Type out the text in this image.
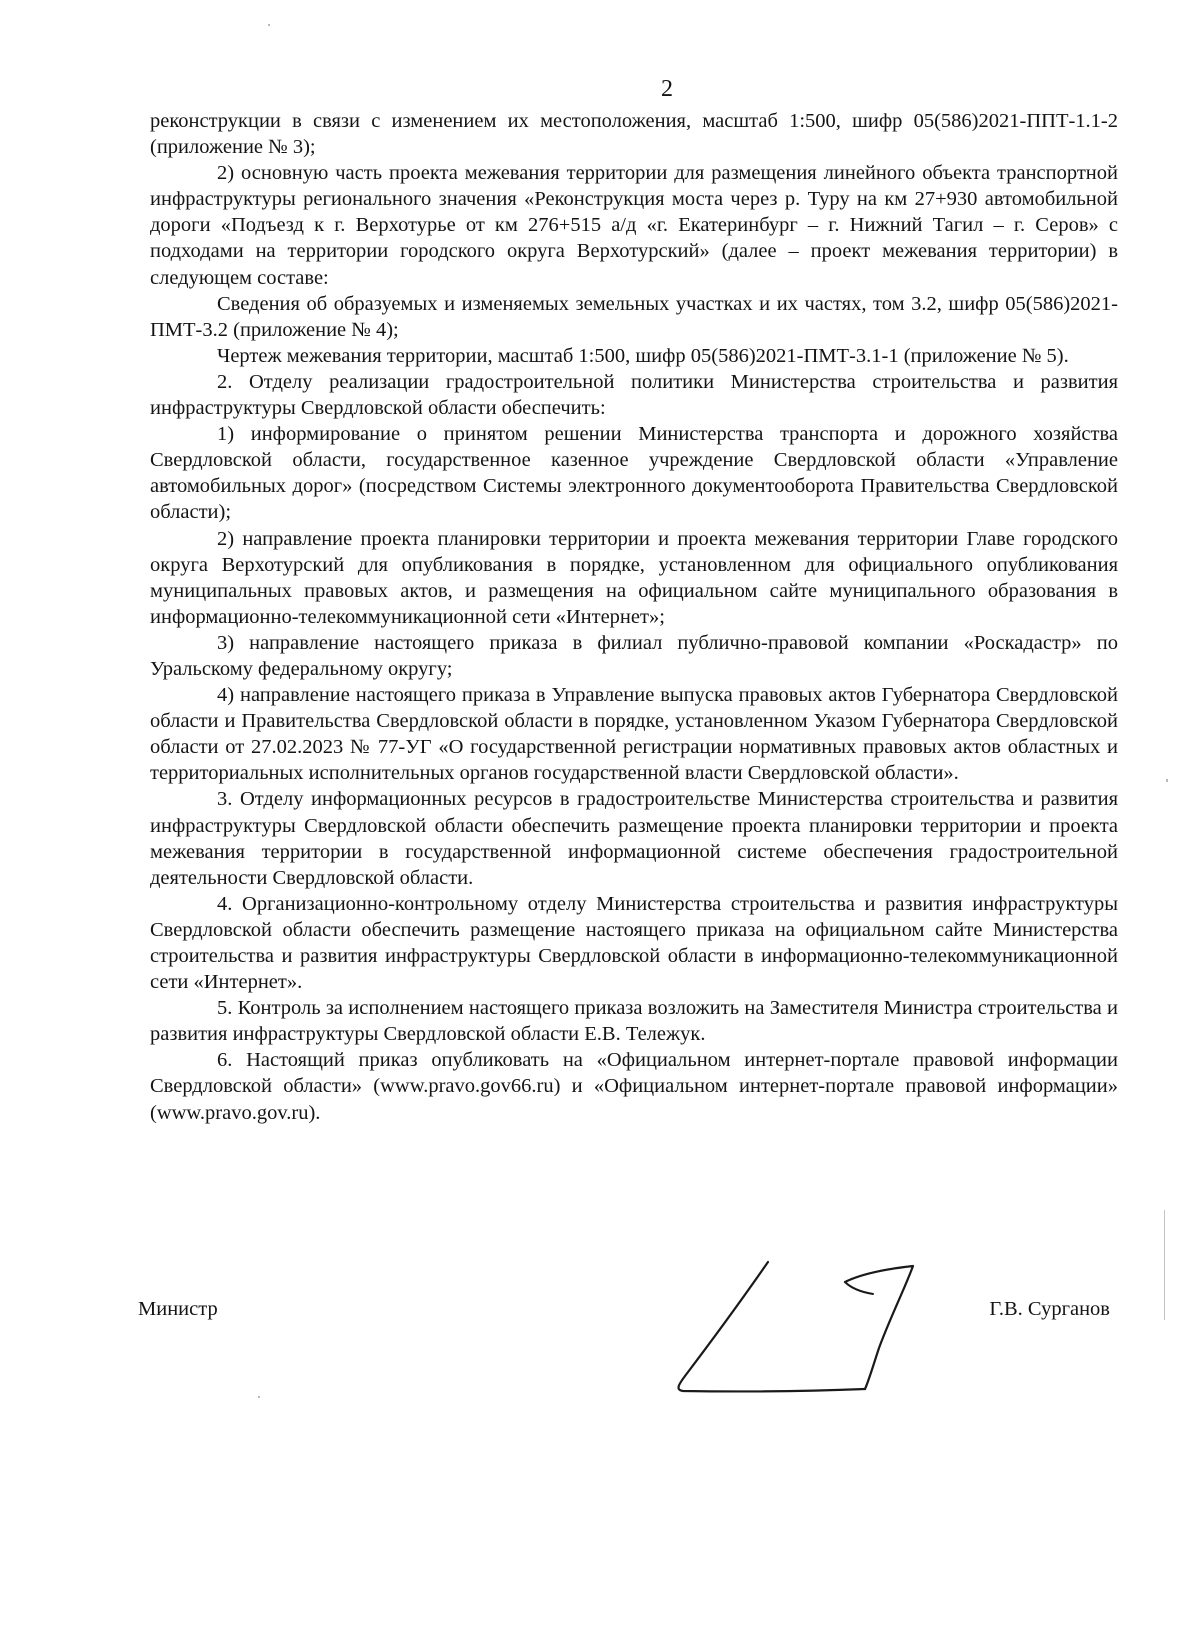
2

реконструкции в связи с изменением их местоположения, масштаб 1:500, шифр 05(586)2021-ППТ-1.1-2 (приложение № 3);

2) основную часть проекта межевания территории для размещения линейного объекта транспортной инфраструктуры регионального значения «Реконструкция моста через р. Туру на км 27+930 автомобильной дороги «Подъезд к г. Верхотурье от км 276+515 а/д «г. Екатеринбург – г. Нижний Тагил – г. Серов» с подходами на территории городского округа Верхотурский» (далее – проект межевания территории) в следующем составе:

Сведения об образуемых и изменяемых земельных участках и их частях, том 3.2, шифр 05(586)2021-ПМТ-3.2 (приложение № 4);

Чертеж межевания территории, масштаб 1:500, шифр 05(586)2021-ПМТ-3.1-1 (приложение № 5).

2. Отделу реализации градостроительной политики Министерства строительства и развития инфраструктуры Свердловской области обеспечить:

1) информирование о принятом решении Министерства транспорта и дорожного хозяйства Свердловской области, государственное казенное учреждение Свердловской области «Управление автомобильных дорог» (посредством Системы электронного документооборота Правительства Свердловской области);

2) направление проекта планировки территории и проекта межевания территории Главе городского округа Верхотурский для опубликования в порядке, установленном для официального опубликования муниципальных правовых актов, и размещения на официальном сайте муниципального образования в информационно-телекоммуникационной сети «Интернет»;

3) направление настоящего приказа в филиал публично-правовой компании «Роскадастр» по Уральскому федеральному округу;

4) направление настоящего приказа в Управление выпуска правовых актов Губернатора Свердловской области и Правительства Свердловской области в порядке, установленном Указом Губернатора Свердловской области от 27.02.2023 № 77-УГ «О государственной регистрации нормативных правовых актов областных и территориальных исполнительных органов государственной власти Свердловской области».

3. Отделу информационных ресурсов в градостроительстве Министерства строительства и развития инфраструктуры Свердловской области обеспечить размещение проекта планировки территории и проекта межевания территории в государственной информационной системе обеспечения градостроительной деятельности Свердловской области.

4. Организационно-контрольному отделу Министерства строительства и развития инфраструктуры Свердловской области обеспечить размещение настоящего приказа на официальном сайте Министерства строительства и развития инфраструктуры Свердловской области в информационно-телекоммуникационной сети «Интернет».

5. Контроль за исполнением настоящего приказа возложить на Заместителя Министра строительства и развития инфраструктуры Свердловской области Е.В. Тележук.

6. Настоящий приказ опубликовать на «Официальном интернет-портале правовой информации Свердловской области» (www.pravo.gov66.ru) и «Официальном интернет-портале правовой информации» (www.pravo.gov.ru).

Министр	Г.В. Сурганов
